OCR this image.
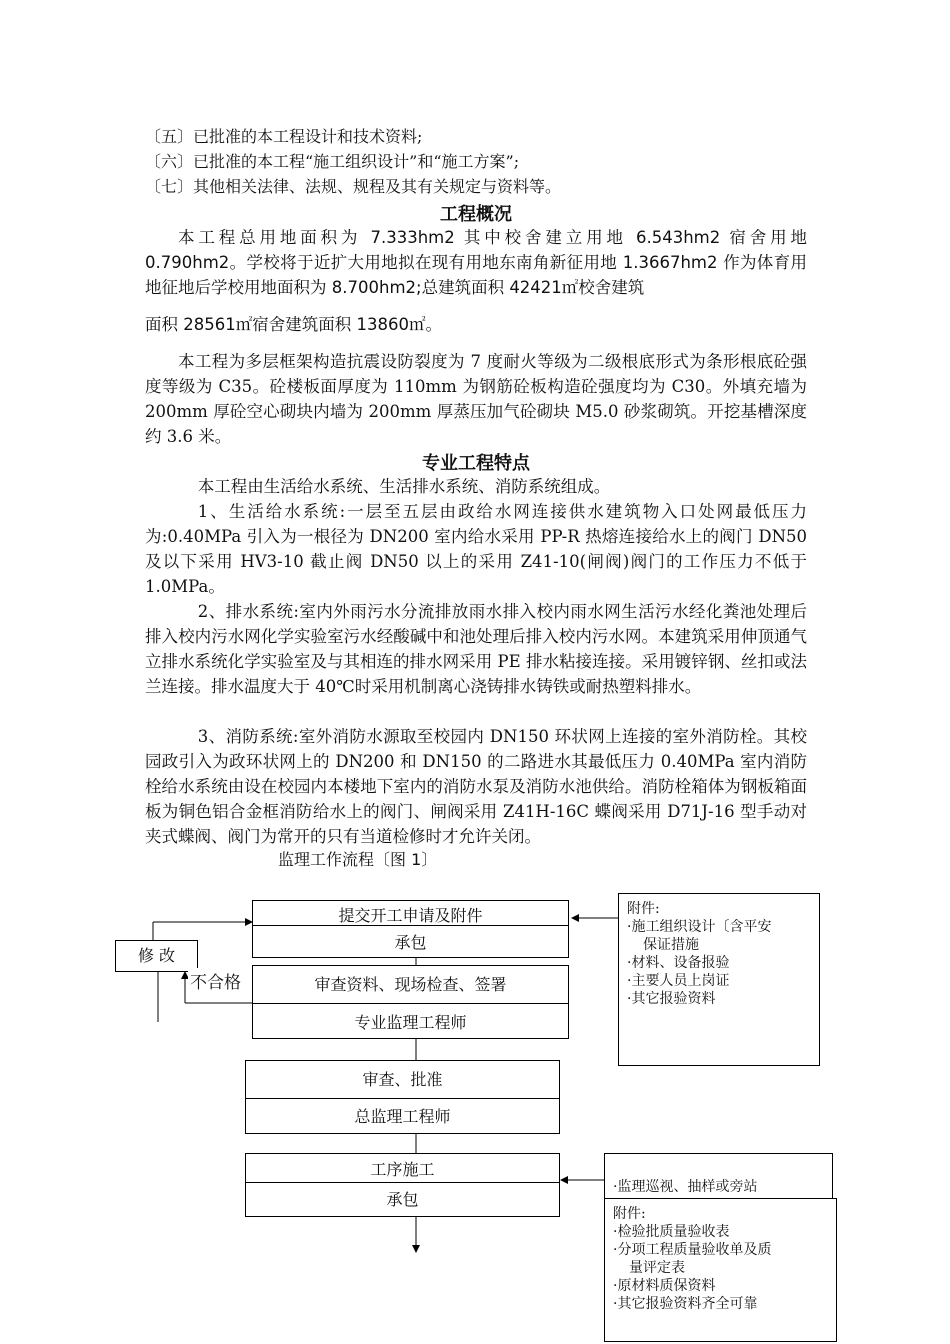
〔五〕已批准的本工程设计和技术资料;
〔六〕已批准的本工程“施工组织设计”和“施工方案”;
〔七〕其他相关法律、法规、规程及其有关规定与资料等。
工程概况
本工程总用地面积为 7.333hm2 其中校舍建立用地 6.543hm2 宿舍用地 0.790hm2。学校将于近扩大用地拟在现有用地东南角新征用地 1.3667hm2 作为体育用地征地后学校用地面积为 8.700hm2;总建筑面积 42421㎡校舍建筑
面积 28561㎡宿舍建筑面积 13860㎡。
本工程为多层框架构造抗震设防裂度为 7 度耐火等级为二级根底形式为条形根底砼强度等级为 C35。砼楼板面厚度为 110mm 为钢筋砼板构造砼强度均为 C30。外填充墙为 200mm 厚砼空心砌块内墙为 200mm 厚蒸压加气砼砌块 M5.0 砂浆砌筑。开挖基槽深度约 3.6 米。
专业工程特点
本工程由生活给水系统、生活排水系统、消防系统组成。
1、生活给水系统:一层至五层由政给水网连接供水建筑物入口处网最低压力为:0.40MPa 引入为一根径为 DN200 室内给水采用 PP-R 热熔连接给水上的阀门 DN50 及以下采用 HV3-10 截止阀 DN50 以上的采用 Z41-10(闸阀)阀门的工作压力不低于 1.0MPa。
2、排水系统:室内外雨污水分流排放雨水排入校内雨水网生活污水经化粪池处理后排入校内污水网化学实验室污水经酸碱中和池处理后排入校内污水网。本建筑采用伸顶通气立排水系统化学实验室及与其相连的排水网采用 PE 排水粘接连接。采用镀锌钢、丝扣或法兰连接。排水温度大于 40℃时采用机制离心浇铸排水铸铁或耐热塑料排水。
3、消防系统:室外消防水源取至校园内 DN150 环状网上连接的室外消防栓。其校园政引入为政环状网上的 DN200 和 DN150 的二路进水其最低压力 0.40MPa 室内消防栓给水系统由设在校园内本楼地下室内的消防水泵及消防水池供给。消防栓箱体为钢板箱面板为铜色铝合金框消防给水上的阀门、闸阀采用 Z41H-16C 蝶阀采用 D71J-16 型手动对夹式蝶阀、阀门为常开的只有当道检修时才允许关闭。
监理工作流程〔图 1〕
提交开工申请及附件
承包
修 改
不合格	审查资料、现场检查、签署
专业监理工程师
附件:
·施工组织设计〔含平安
保证措施
·材料、设备报验
·主要人员上岗证
·其它报验资料
审查、批准
总监理工程师
工序施工
承包
·监理巡视、抽样或旁站
附件:
·检验批质量验收表
·分项工程质量验收单及质
量评定表
·原材料质保资料
·其它报验资料齐全可靠
